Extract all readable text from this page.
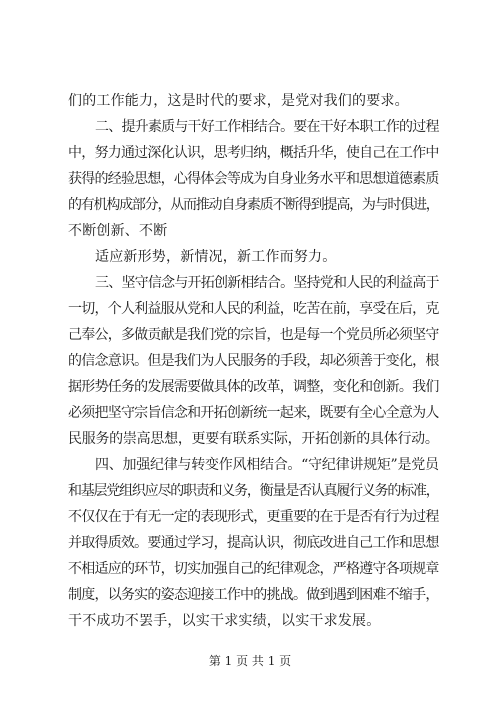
们的工作能力，这是时代的要求，是党对我们的要求。
二、提升素质与干好工作相结合。要在干好本职工作的过程
中，努力通过深化认识，思考归纳，概括升华，使自己在工作中
获得的经验思想，心得体会等成为自身业务水平和思想道德素质
的有机构成部分，从而推动自身素质不断得到提高，为与时俱进，
不断创新、不断
适应新形势，新情况，新工作而努力。
三、坚守信念与开拓创新相结合。坚持党和人民的利益高于
一切，个人利益服从党和人民的利益，吃苦在前，享受在后，克
己奉公，多做贡献是我们党的宗旨，也是每一个党员所必须坚守
的信念意识。但是我们为人民服务的手段，却必须善于变化，根
据形势任务的发展需要做具体的改革，调整，变化和创新。我们
必须把坚守宗旨信念和开拓创新统一起来，既要有全心全意为人
民服务的崇高思想，更要有联系实际，开拓创新的具体行动。
四、加强纪律与转变作风相结合。“守纪律讲规矩”是党员
和基层党组织应尽的职责和义务，衡量是否认真履行义务的标准，
不仅仅在于有无一定的表现形式，更重要的在于是否有行为过程
并取得质效。要通过学习，提高认识，彻底改进自己工作和思想
不相适应的环节，切实加强自己的纪律观念，严格遵守各项规章
制度，以务实的姿态迎接工作中的挑战。做到遇到困难不缩手，
干不成功不罢手，以实干求实绩，以实干求发展。
第 1 页 共 1 页
